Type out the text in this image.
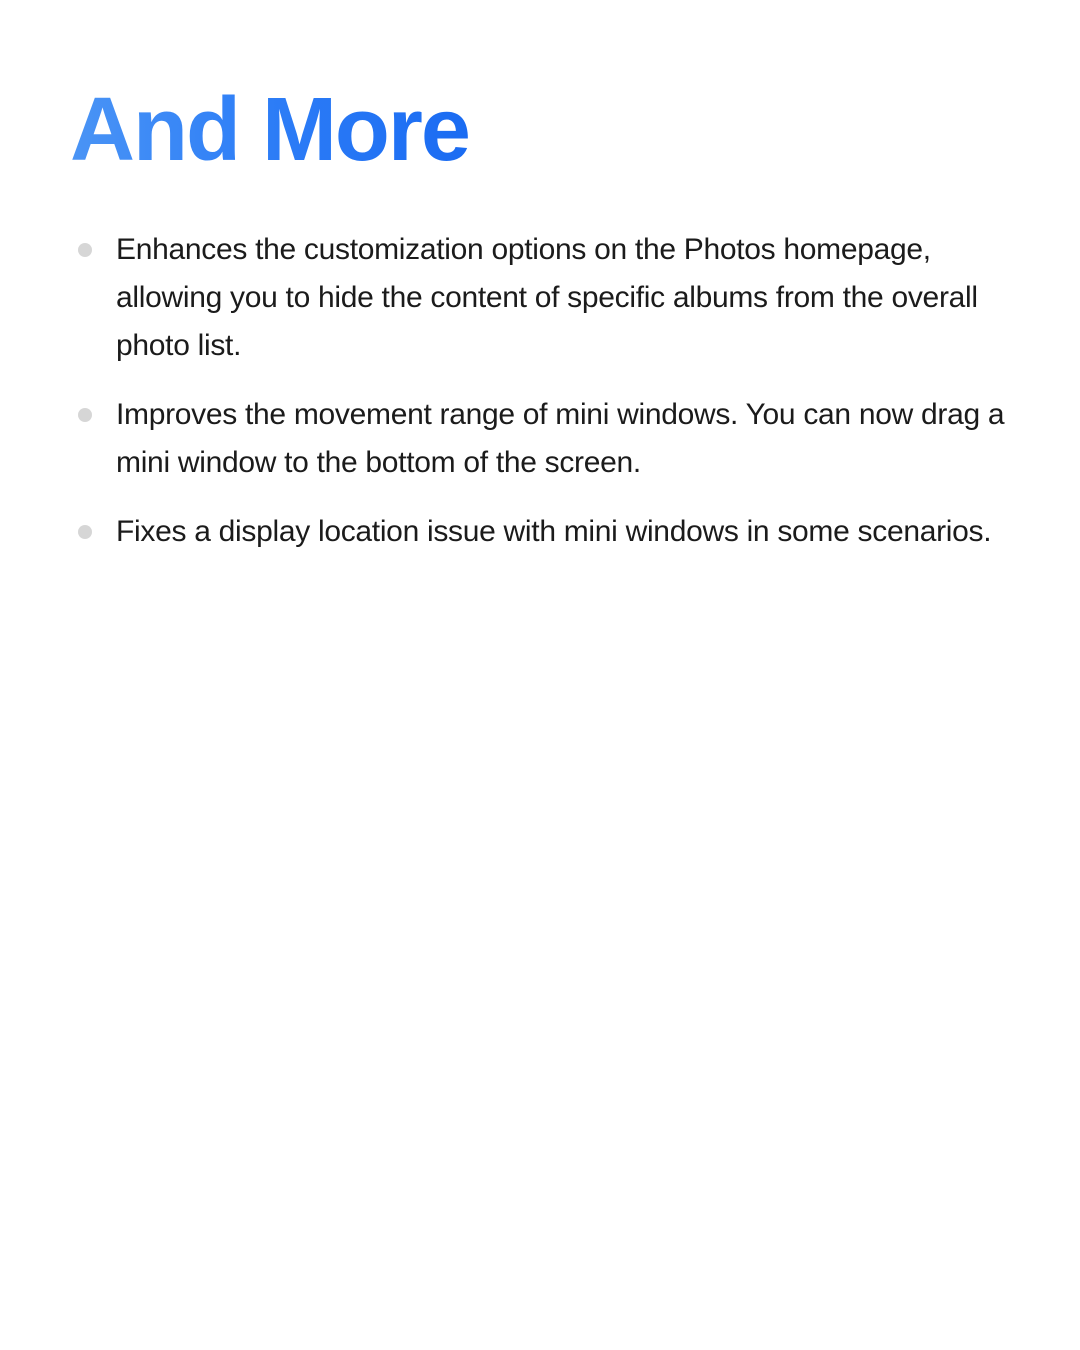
And More
Enhances the customization options on the Photos homepage, allowing you to hide the content of specific albums from the overall photo list.
Improves the movement range of mini windows. You can now drag a mini window to the bottom of the screen.
Fixes a display location issue with mini windows in some scenarios.
